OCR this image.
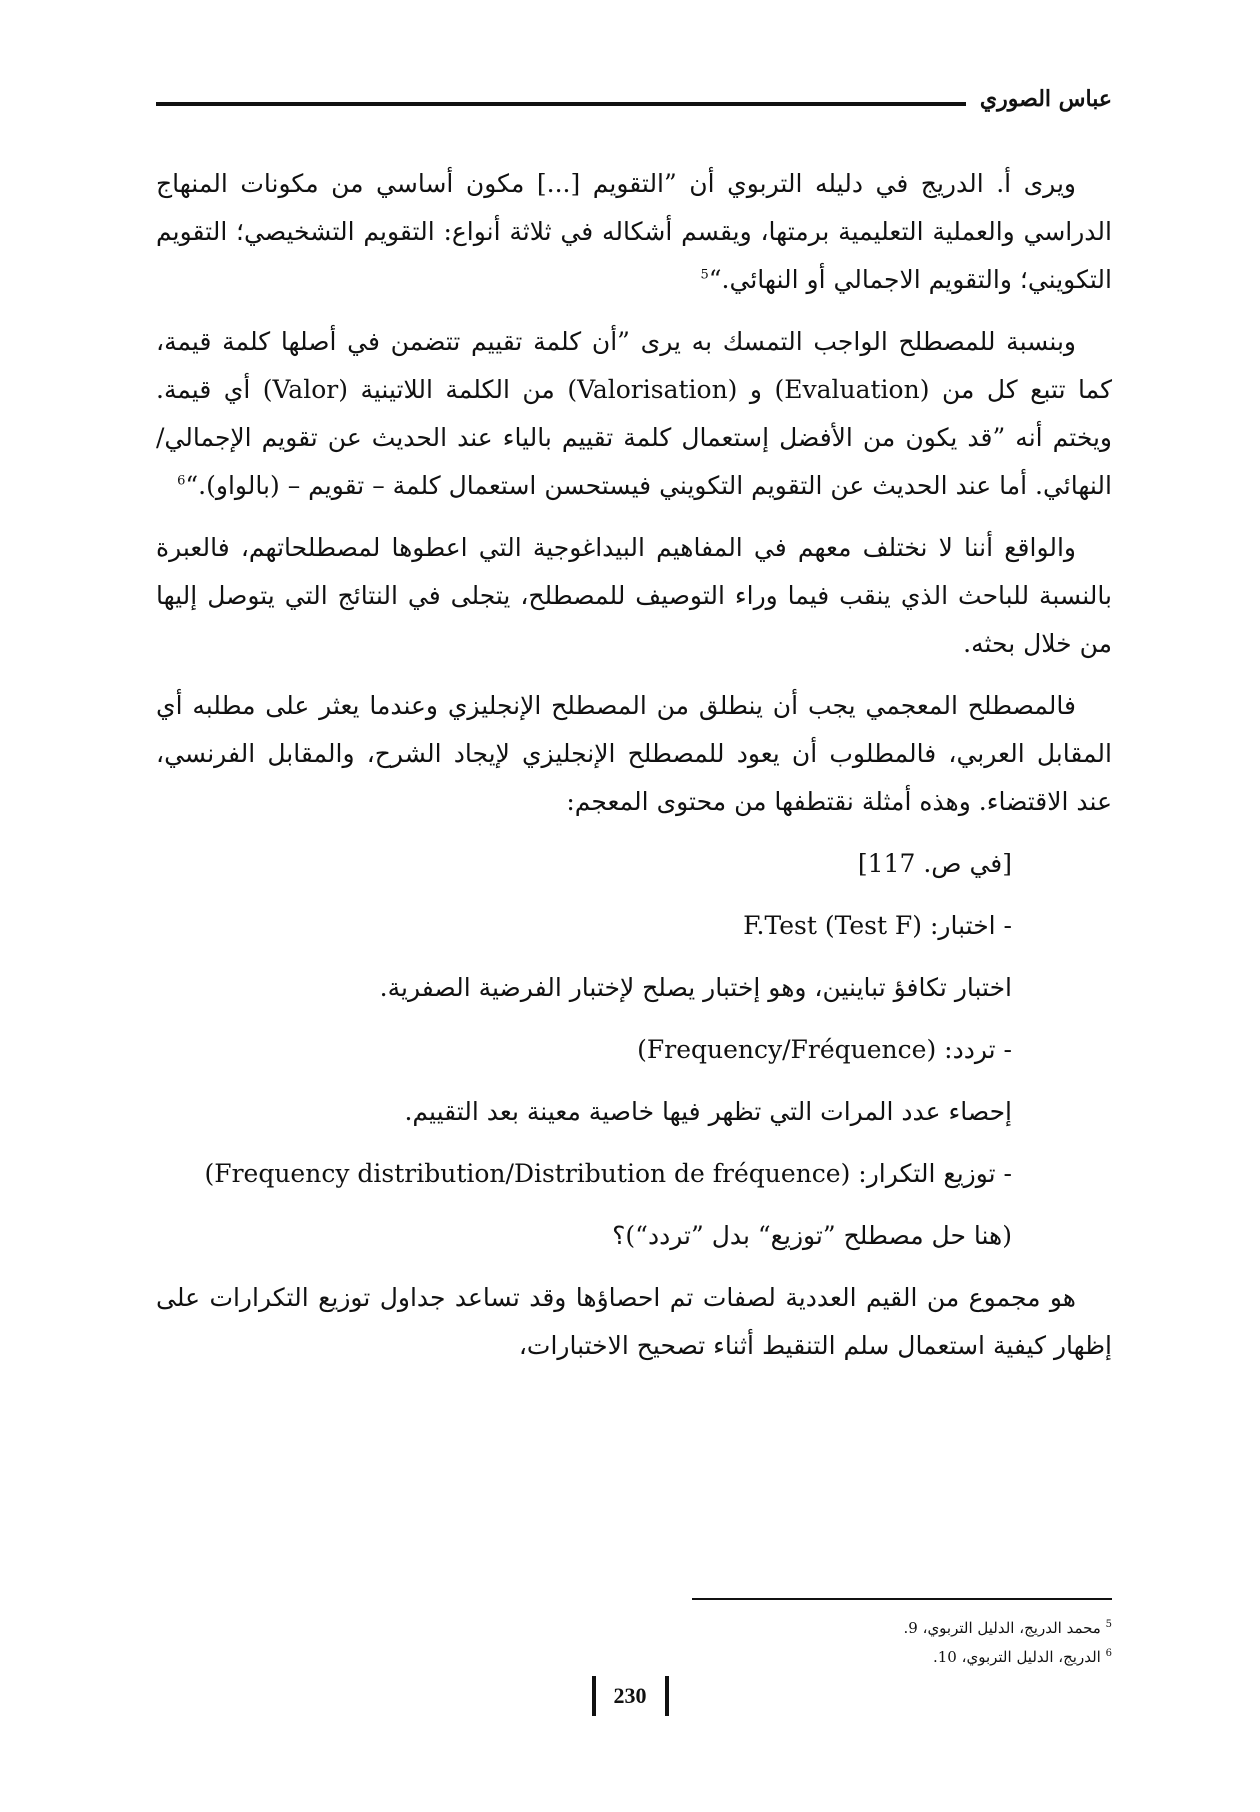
عباس الصوري

ويرى أ. الدريج في دليله التربوي أن ”التقويم [...] مكون أساسي من مكونات المنهاج الدراسي والعملية التعليمية برمتها، ويقسم أشكاله في ثلاثة أنواع: التقويم التشخيصي؛ التقويم التكويني؛ والتقويم الاجمالي أو النهائي.“$^5$

وبنسبة للمصطلح الواجب التمسك به يرى ”أن كلمة تقييم تتضمن في أصلها كلمة قيمة، كما تتبع كل من (Evaluation) و (Valorisation) من الكلمة اللاتينية (Valor) أي قيمة. ويختم أنه ”قد يكون من الأفضل إستعمال كلمة تقييم بالياء عند الحديث عن تقويم الإجمالي/النهائي. أما عند الحديث عن التقويم التكويني فيستحسن استعمال كلمة – تقويم – (بالواو).“$^6$

والواقع أننا لا نختلف معهم في المفاهيم البيداغوجية التي اعطوها لمصطلحاتهم، فالعبرة بالنسبة للباحث الذي ينقب فيما وراء التوصيف للمصطلح، يتجلى في النتائج التي يتوصل إليها من خلال بحثه.

فالمصطلح المعجمي يجب أن ينطلق من المصطلح الإنجليزي وعندما يعثر على مطلبه أي المقابل العربي، فالمطلوب أن يعود للمصطلح الإنجليزي لإيجاد الشرح، والمقابل الفرنسي، عند الاقتضاء. وهذه أمثلة نقتطفها من محتوى المعجم:

[في ص. 117]

- اختبار: F.Test (Test F)

اختبار تكافؤ تباينين، وهو إختبار يصلح لإختبار الفرضية الصفرية.

- تردد: (Frequency/Fréquence)

إحصاء عدد المرات التي تظهر فيها خاصية معينة بعد التقييم.

- توزيع التكرار: (Frequency distribution/Distribution de fréquence)

(هنا حل مصطلح ”توزيع“ بدل ”تردد“)؟

هو مجموع من القيم العددية لصفات تم احصاؤها وقد تساعد جداول توزيع التكرارات على إظهار كيفية استعمال سلم التنقيط أثناء تصحيح الاختبارات،

$^5$ محمد الدريج، الدليل التربوي، 9.
$^6$ الدريج، الدليل التربوي، 10.
230
